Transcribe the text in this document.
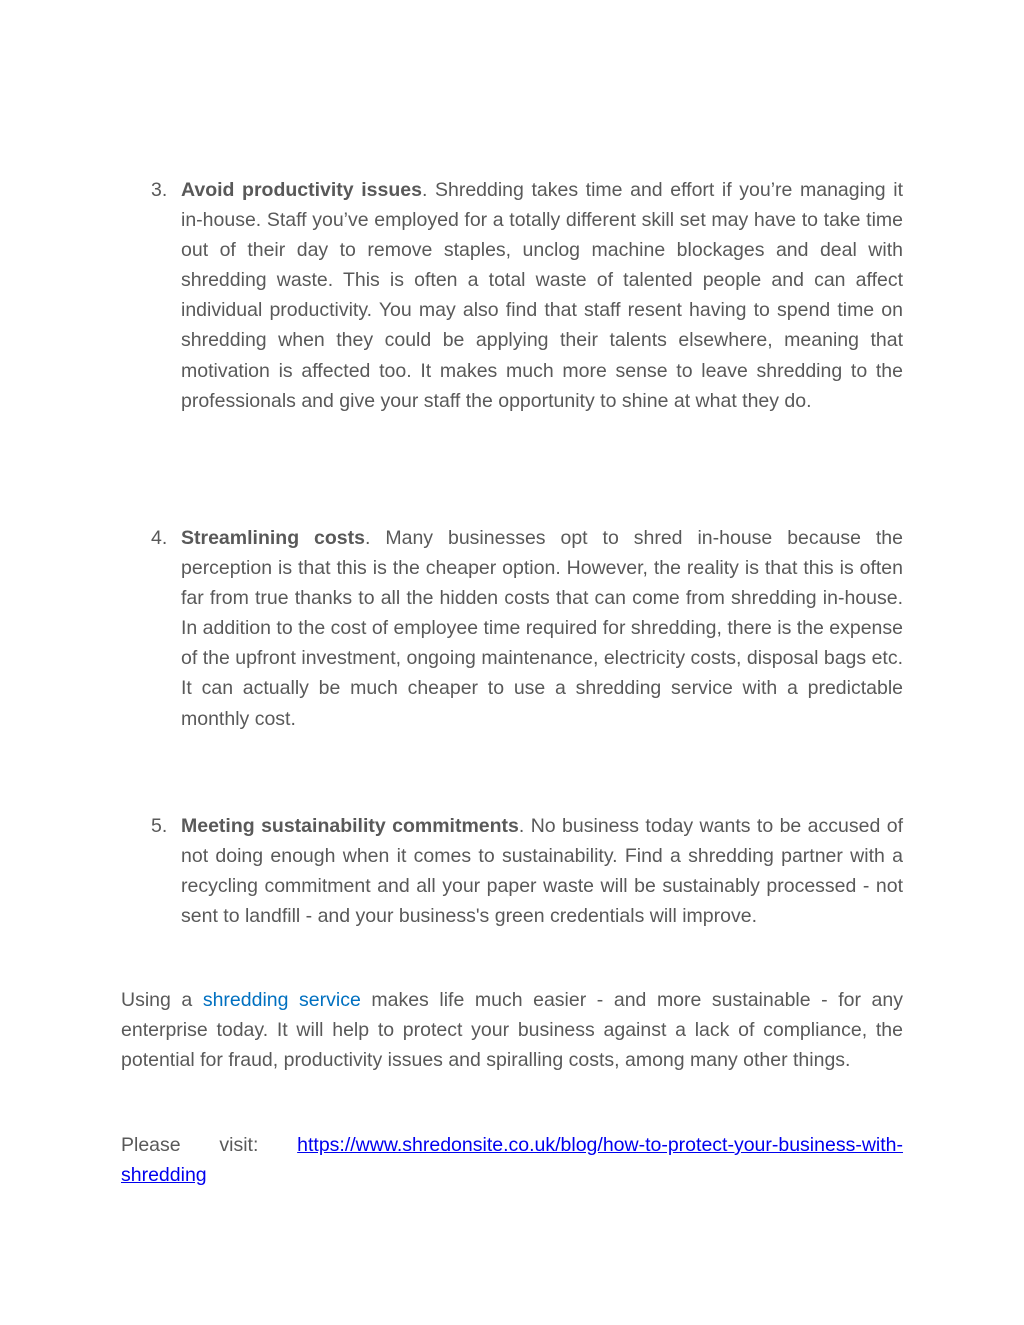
3. Avoid productivity issues. Shredding takes time and effort if you’re managing it in-house. Staff you’ve employed for a totally different skill set may have to take time out of their day to remove staples, unclog machine blockages and deal with shredding waste. This is often a total waste of talented people and can affect individual productivity. You may also find that staff resent having to spend time on shredding when they could be applying their talents elsewhere, meaning that motivation is affected too. It makes much more sense to leave shredding to the professionals and give your staff the opportunity to shine at what they do.
4. Streamlining costs. Many businesses opt to shred in-house because the perception is that this is the cheaper option. However, the reality is that this is often far from true thanks to all the hidden costs that can come from shredding in-house. In addition to the cost of employee time required for shredding, there is the expense of the upfront investment, ongoing maintenance, electricity costs, disposal bags etc. It can actually be much cheaper to use a shredding service with a predictable monthly cost.
5. Meeting sustainability commitments. No business today wants to be accused of not doing enough when it comes to sustainability. Find a shredding partner with a recycling commitment and all your paper waste will be sustainably processed - not sent to landfill - and your business's green credentials will improve.
Using a shredding service makes life much easier - and more sustainable - for any enterprise today. It will help to protect your business against a lack of compliance, the potential for fraud, productivity issues and spiralling costs, among many other things.
Please visit: https://www.shredonsite.co.uk/blog/how-to-protect-your-business-with-shredding
